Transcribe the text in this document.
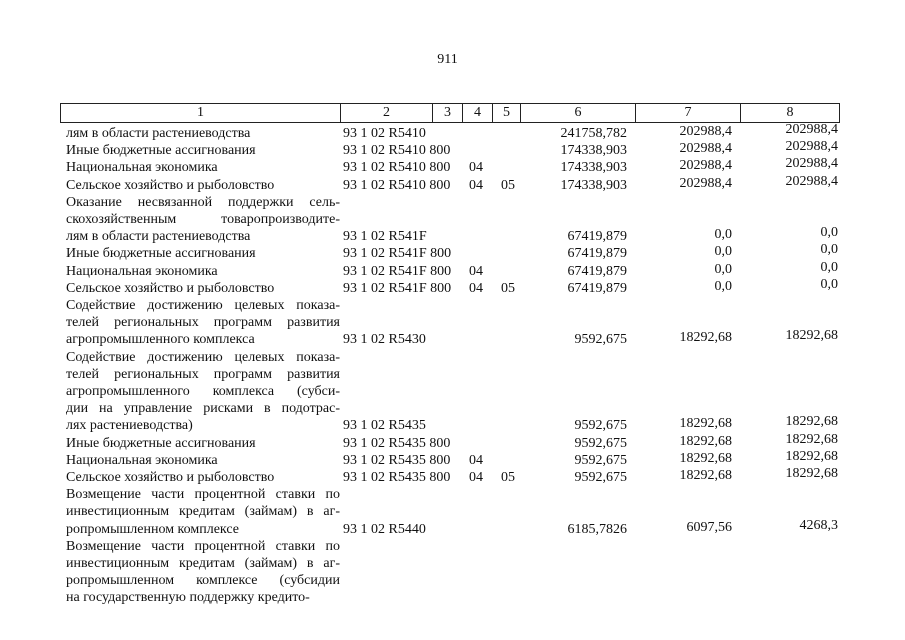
911
1	2	3	4	5	6	7	8
лям в области растениеводства	93 1 02 R5410	241758,782	202988,4	202988,4
Иные бюджетные ассигнования	93 1 02 R5410 800	174338,903	202988,4	202988,4
Национальная экономика	93 1 02 R5410 800 04	174338,903	202988,4	202988,4
Сельское хозяйство и рыболовство	93 1 02 R5410 800 04 05	174338,903	202988,4	202988,4
Оказание несвязанной поддержки сель-
скохозяйственным товаропроизводите-
лям в области растениеводства	93 1 02 R541F	67419,879	0,0	0,0
Иные бюджетные ассигнования	93 1 02 R541F 800	67419,879	0,0	0,0
Национальная экономика	93 1 02 R541F 800 04	67419,879	0,0	0,0
Сельское хозяйство и рыболовство	93 1 02 R541F 800 04 05	67419,879	0,0	0,0
Содействие достижению целевых показа-
телей региональных программ развития
агропромышленного комплекса	93 1 02 R5430	9592,675	18292,68	18292,68
Содействие достижению целевых показа-
телей региональных программ развития
агропромышленного комплекса (субси-
дии на управление рисками в подотрас-
лях растениеводства)	93 1 02 R5435	9592,675	18292,68	18292,68
Иные бюджетные ассигнования	93 1 02 R5435 800	9592,675	18292,68	18292,68
Национальная экономика	93 1 02 R5435 800 04	9592,675	18292,68	18292,68
Сельское хозяйство и рыболовство	93 1 02 R5435 800 04 05	9592,675	18292,68	18292,68
Возмещение части процентной ставки по
инвестиционным кредитам (займам) в аг-
ропромышленном комплексе	93 1 02 R5440	6185,7826	6097,56	4268,3
Возмещение части процентной ставки по
инвестиционным кредитам (займам) в аг-
ропромышленном комплексе (субсидии
на государственную поддержку кредито-
